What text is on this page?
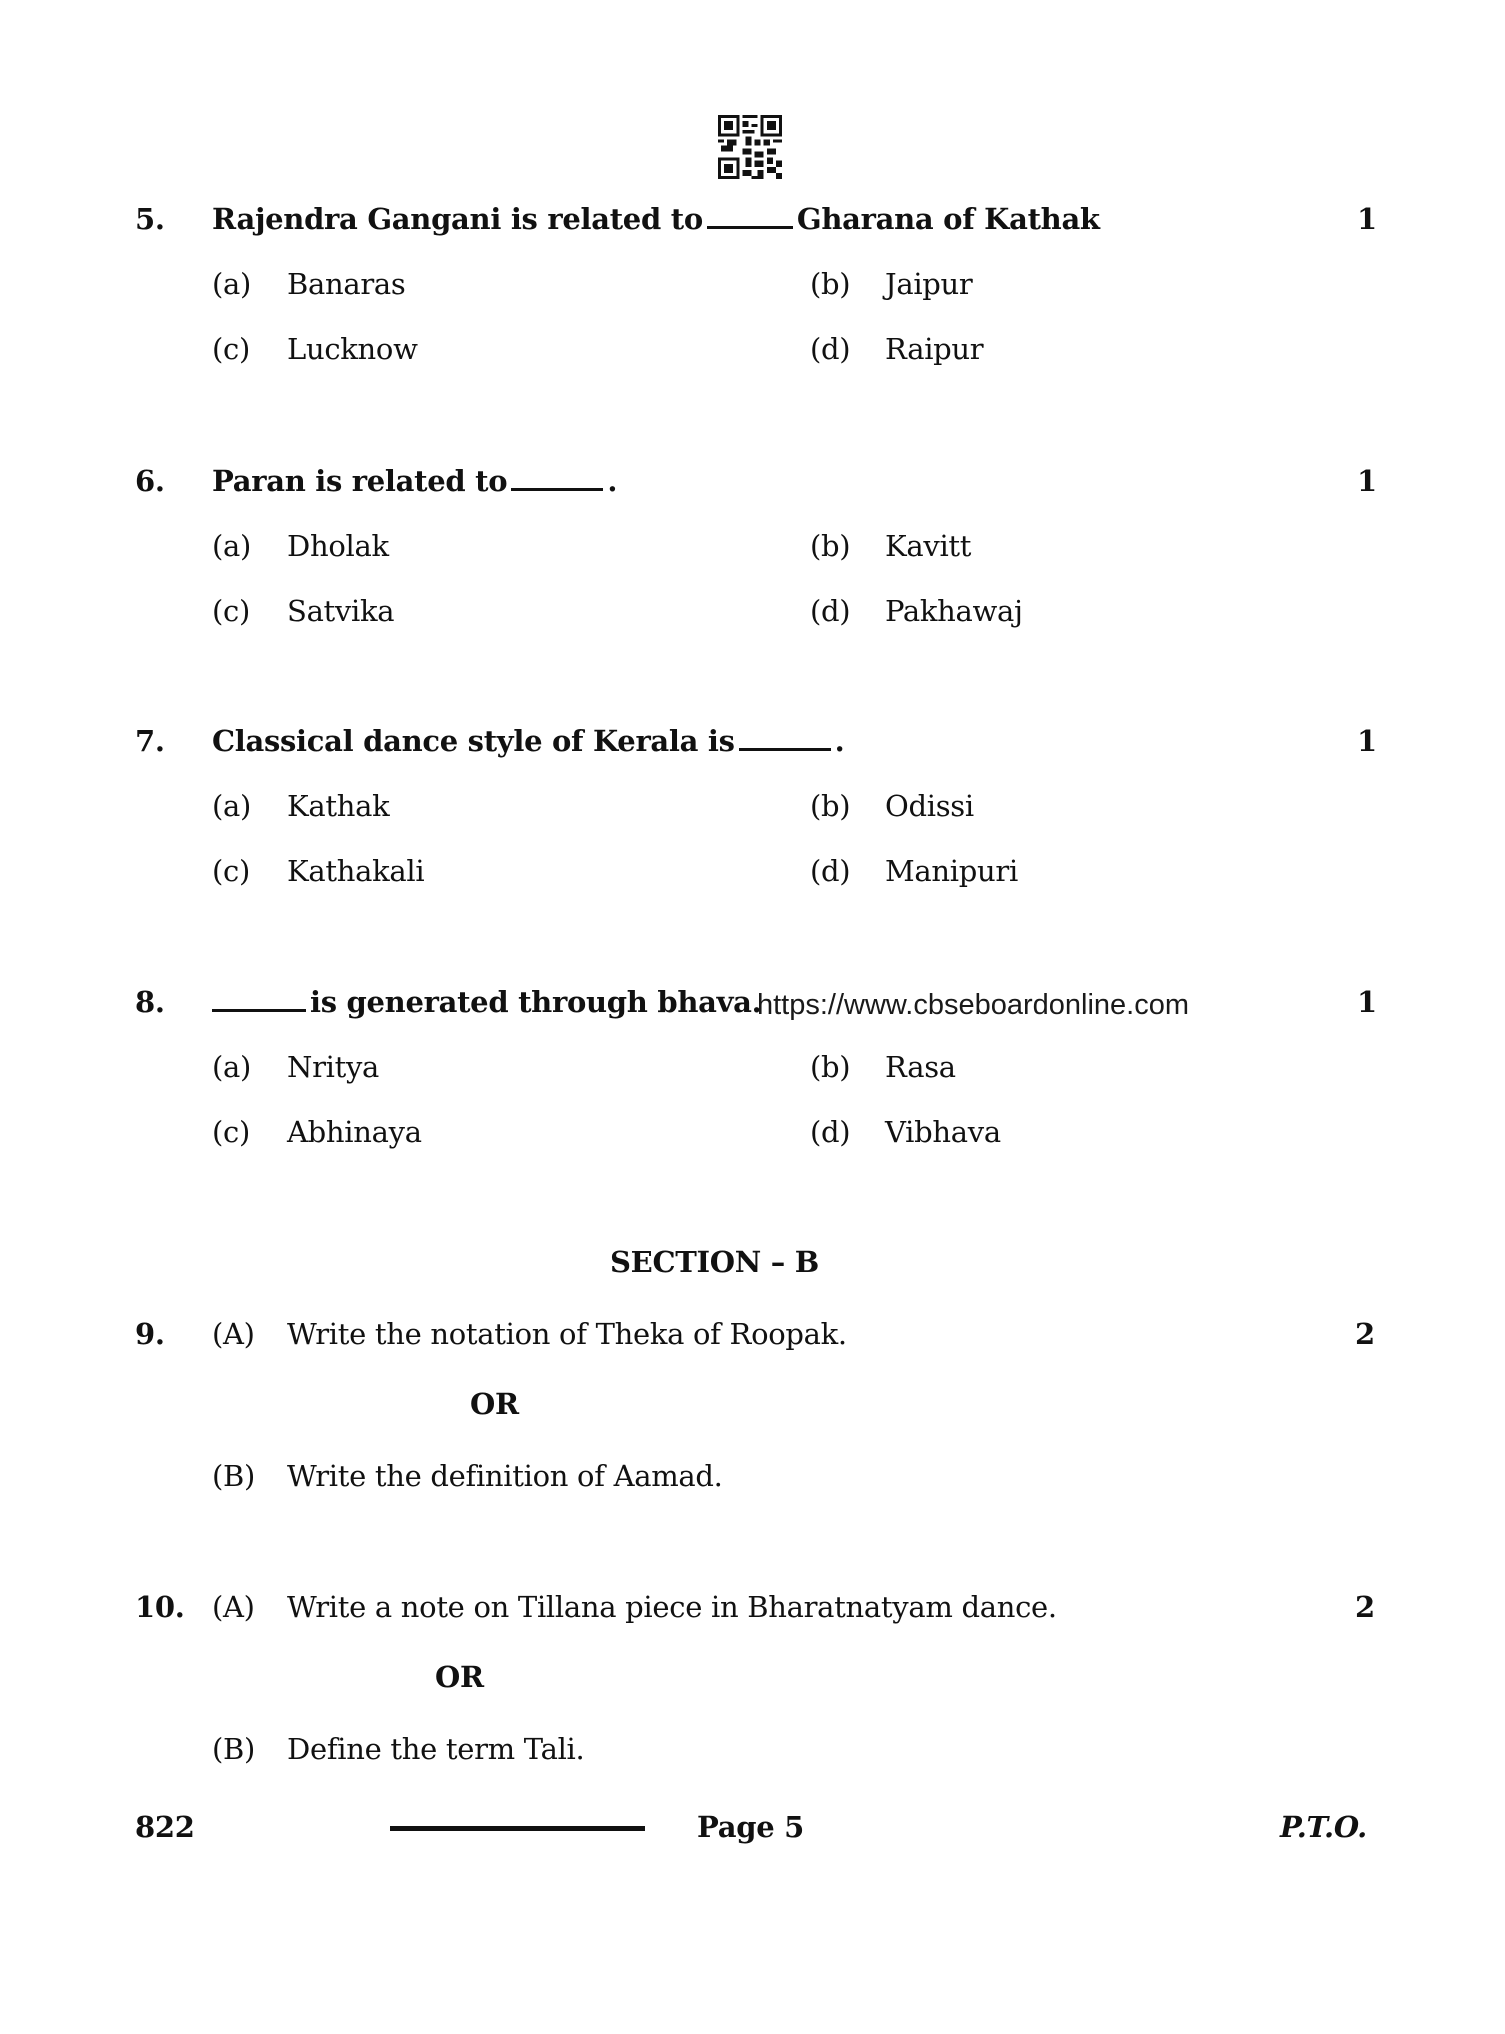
5. Rajendra Gangani is related to	Gharana of Kathak	1
(a) Banaras	(b) Jaipur
(c) Lucknow	(d) Raipur
6. Paran is related to	.	1
(a) Dholak	(b) Kavitt
(c) Satvika	(d) Pakhawaj
7. Classical dance style of Kerala is	.	1
(a) Kathak	(b) Odissi
(c) Kathakali	(d) Manipuri
8.	is generated through bhava.
https://www.cbseboardonline.com	1
(a) Nritya	(b) Rasa
(c) Abhinaya	(d) Vibhava
SECTION – B
9. (A) Write the notation of Theka of Roopak.	2
OR
(B) Write the definition of Aamad.
10. (A) Write a note on Tillana piece in Bharatnatyam dance.	2
OR
(B) Define the term Tali.
822	Page 5	P.T.O.
